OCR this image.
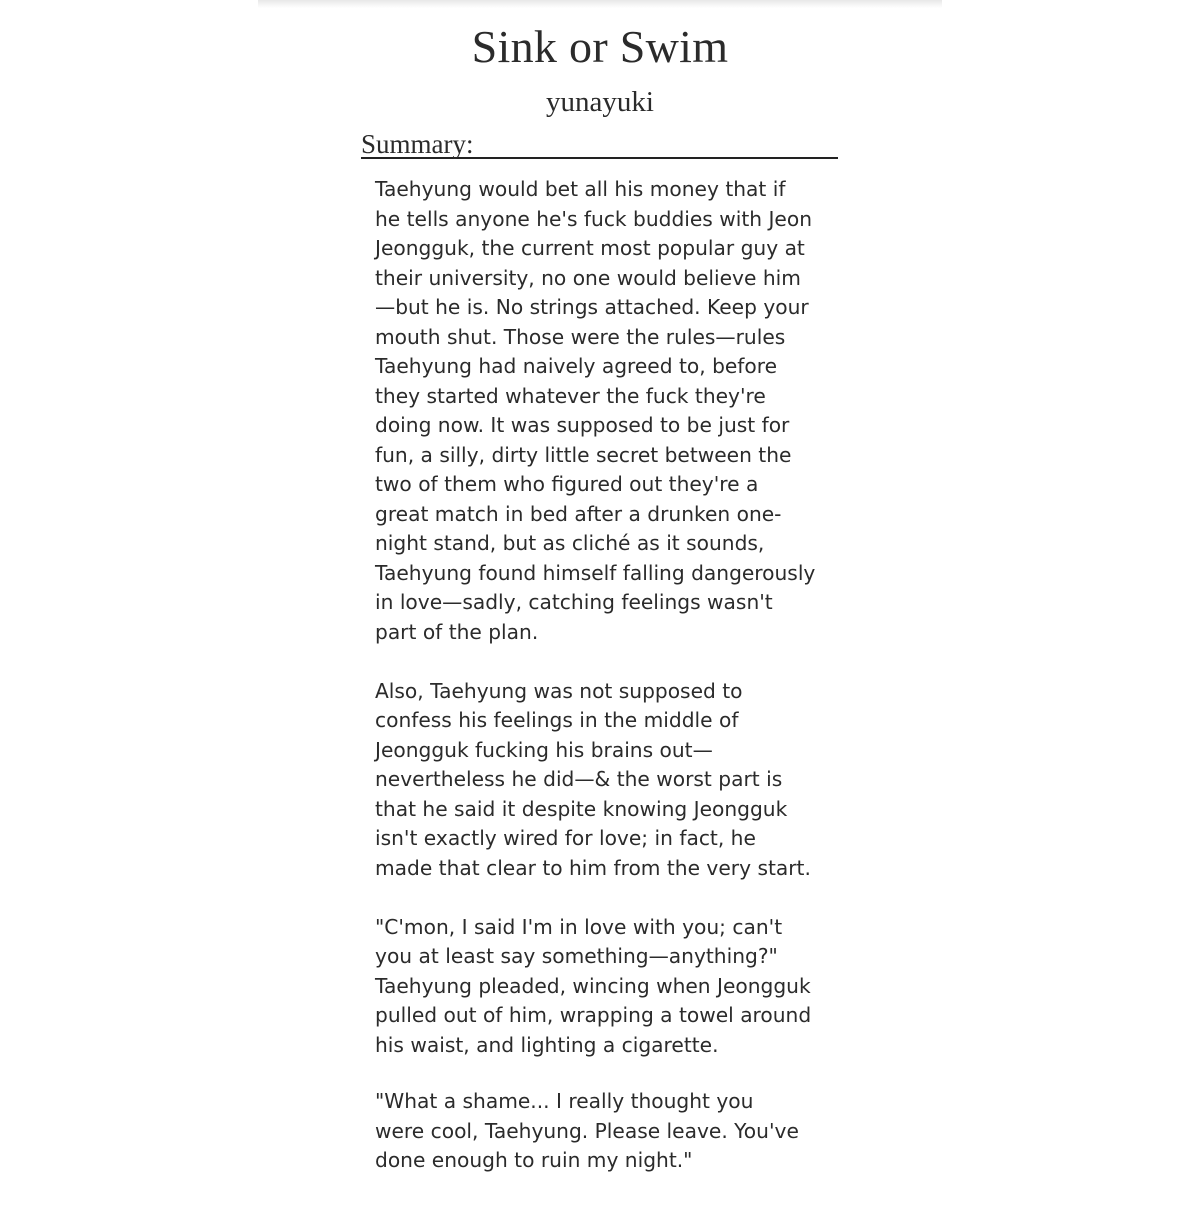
Sink or Swim
yunayuki
Summary:

Taehyung would bet all his money that if
he tells anyone he's fuck buddies with Jeon
Jeongguk, the current most popular guy at
their university, no one would believe him
—but he is. No strings attached. Keep your
mouth shut. Those were the rules—rules
Taehyung had naively agreed to, before
they started whatever the fuck they're
doing now. It was supposed to be just for
fun, a silly, dirty little secret between the
two of them who figured out they're a
great match in bed after a drunken one-
night stand, but as cliché as it sounds,
Taehyung found himself falling dangerously
in love—sadly, catching feelings wasn't
part of the plan.

Also, Taehyung was not supposed to
confess his feelings in the middle of
Jeongguk fucking his brains out—
nevertheless he did—& the worst part is
that he said it despite knowing Jeongguk
isn't exactly wired for love; in fact, he
made that clear to him from the very start.

"C'mon, I said I'm in love with you; can't
you at least say something—anything?"
Taehyung pleaded, wincing when Jeongguk
pulled out of him, wrapping a towel around
his waist, and lighting a cigarette.

"What a shame... I really thought you
were cool, Taehyung. Please leave. You've
done enough to ruin my night."
